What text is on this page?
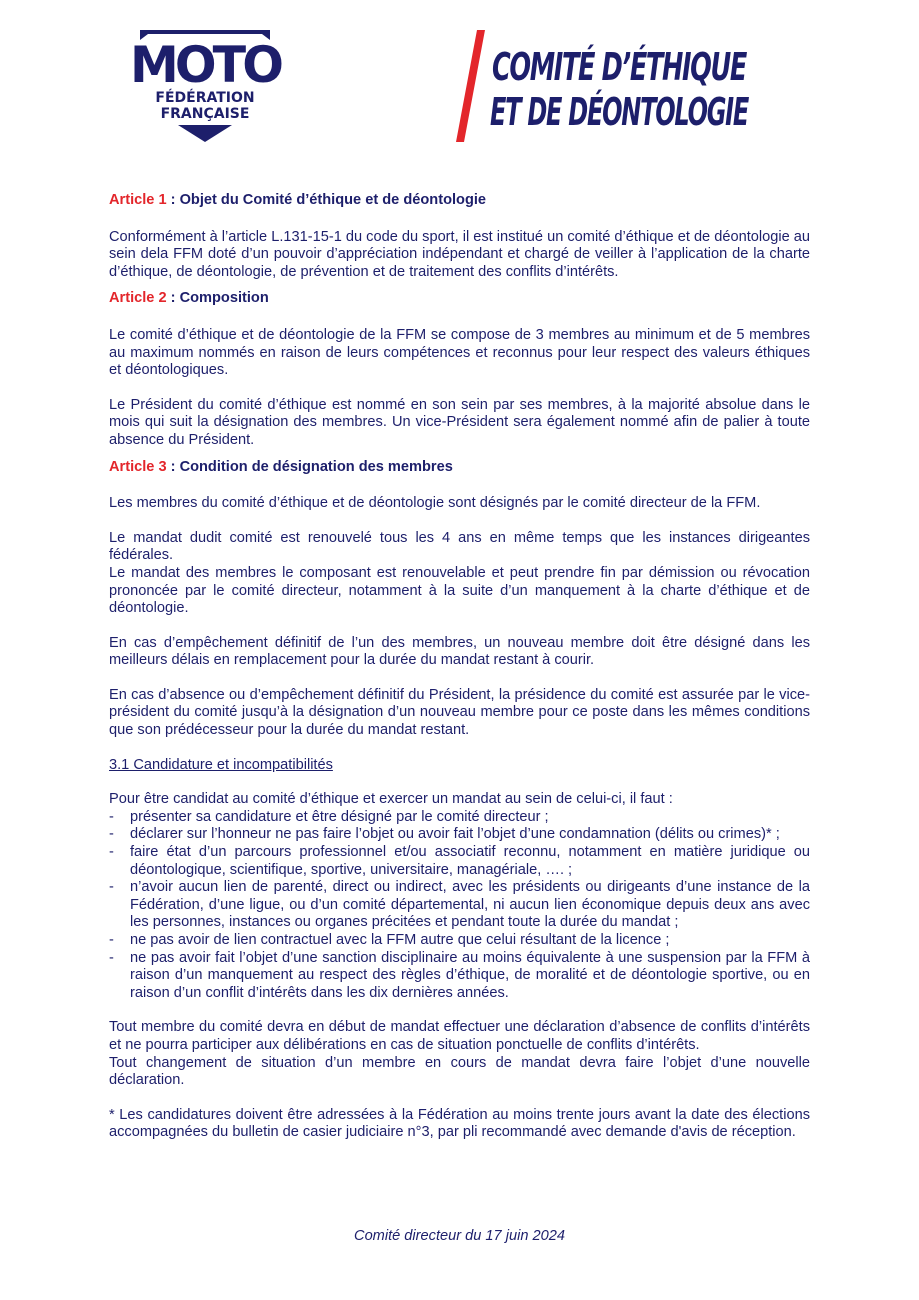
MOTO
FÉDÉRATION
FRANÇAISE
COMITÉ D’ÉTHIQUE
ET DE DÉONTOLOGIE

Article 1 : Objet du Comité d’éthique et de déontologie

Conformément à l’article L.131-15-1 du code du sport, il est institué un comité d’éthique et de déontologie au sein dela FFM doté d’un pouvoir d’appréciation indépendant et chargé de veiller à l’application de la charte d’éthique, de déontologie, de prévention et de traitement des conflits d’intérêts.

Article 2 : Composition

Le comité d’éthique et de déontologie de la FFM se compose de 3 membres au minimum et de 5 membres au maximum nommés en raison de leurs compétences et reconnus pour leur respect des valeurs éthiques et déontologiques.

Le Président du comité d’éthique est nommé en son sein par ses membres, à la majorité absolue dans le mois qui suit la désignation des membres. Un vice-Président sera également nommé afin de palier à toute absence du Président.

Article 3 : Condition de désignation des membres

Les membres du comité d’éthique et de déontologie sont désignés par le comité directeur de la FFM.

Le mandat dudit comité est renouvelé tous les 4 ans en même temps que les instances dirigeantes fédérales.

Le mandat des membres le composant est renouvelable et peut prendre fin par démission ou révocation prononcée par le comité directeur, notamment à la suite d’un manquement à la charte d’éthique et de déontologie.

En cas d’empêchement définitif de l’un des membres, un nouveau membre doit être désigné dans les meilleurs délais en remplacement pour la durée du mandat restant à courir.

En cas d’absence ou d’empêchement définitif du Président, la présidence du comité est assurée par le vice-président du comité jusqu’à la désignation d’un nouveau membre pour ce poste dans les mêmes conditions que son prédécesseur pour la durée du mandat restant.

3.1 Candidature et incompatibilités

Pour être candidat au comité d’éthique et exercer un mandat au sein de celui-ci, il faut :

- présenter sa candidature et être désigné par le comité directeur ;
- déclarer sur l’honneur ne pas faire l’objet ou avoir fait l’objet d’une condamnation (délits ou crimes)* ;
- faire état d’un parcours professionnel et/ou associatif reconnu, notamment en matière juridique ou déontologique, scientifique, sportive, universitaire, managériale, …. ;
- n’avoir aucun lien de parenté, direct ou indirect, avec les présidents ou dirigeants d’une instance de la Fédération, d’une ligue, ou d’un comité départemental, ni aucun lien économique depuis deux ans avec les personnes, instances ou organes précitées et pendant toute la durée du mandat ;
- ne pas avoir de lien contractuel avec la FFM autre que celui résultant de la licence ;
- ne pas avoir fait l’objet d’une sanction disciplinaire au moins équivalente à une suspension par la FFM à raison d’un manquement au respect des règles d’éthique, de moralité et de déontologie sportive, ou en raison d’un conflit d’intérêts dans les dix dernières années.

Tout membre du comité devra en début de mandat effectuer une déclaration d’absence de conflits d’intérêts et ne pourra participer aux délibérations en cas de situation ponctuelle de conflits d’intérêts.

Tout changement de situation d’un membre en cours de mandat devra faire l’objet d’une nouvelle déclaration.

* Les candidatures doivent être adressées à la Fédération au moins trente jours avant la date des élections accompagnées du bulletin de casier judiciaire n°3, par pli recommandé avec demande d'avis de réception.

Comité directeur du 17 juin 2024
